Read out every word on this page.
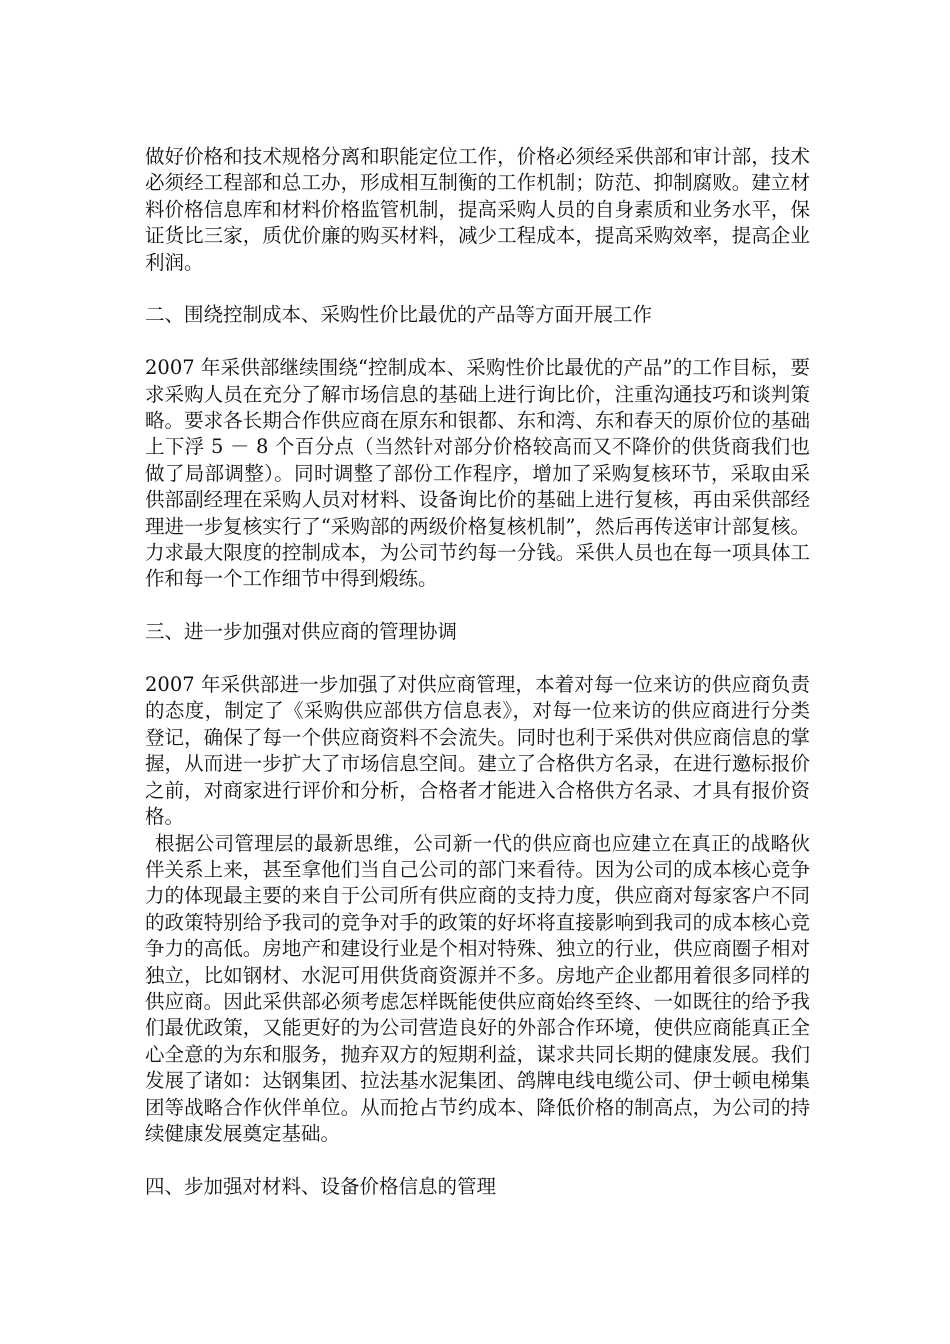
做好价格和技术规格分离和职能定位工作，价格必须经采供部和审计部，技术必须经工程部和总工办，形成相互制衡的工作机制；防范、抑制腐败。建立材料价格信息库和材料价格监管机制，提高采购人员的自身素质和业务水平，保证货比三家，质优价廉的购买材料，减少工程成本，提高采购效率，提高企业利润。

二、围绕控制成本、采购性价比最优的产品等方面开展工作

2007 年采供部继续围绕“控制成本、采购性价比最优的产品”的工作目标，要求采购人员在充分了解市场信息的基础上进行询比价，注重沟通技巧和谈判策略。要求各长期合作供应商在原东和银都、东和湾、东和春天的原价位的基础上下浮 5 － 8 个百分点（当然针对部分价格较高而又不降价的供货商我们也做了局部调整）。同时调整了部份工作程序，增加了采购复核环节，采取由采供部副经理在采购人员对材料、设备询比价的基础上进行复核，再由采供部经理进一步复核实行了“采购部的两级价格复核机制”，然后再传送审计部复核。力求最大限度的控制成本，为公司节约每一分钱。采供人员也在每一项具体工作和每一个工作细节中得到煅练。

三、进一步加强对供应商的管理协调

2007 年采供部进一步加强了对供应商管理，本着对每一位来访的供应商负责的态度，制定了《采购供应部供方信息表》，对每一位来访的供应商进行分类登记，确保了每一个供应商资料不会流失。同时也利于采供对供应商信息的掌握，从而进一步扩大了市场信息空间。建立了合格供方名录，在进行邀标报价之前，对商家进行评价和分析，合格者才能进入合格供方名录、才具有报价资格。

根据公司管理层的最新思维，公司新一代的供应商也应建立在真正的战略伙伴关系上来，甚至拿他们当自己公司的部门来看待。因为公司的成本核心竞争力的体现最主要的来自于公司所有供应商的支持力度，供应商对每家客户不同的政策特别给予我司的竞争对手的政策的好坏将直接影响到我司的成本核心竞争力的高低。房地产和建设行业是个相对特殊、独立的行业，供应商圈子相对独立，比如钢材、水泥可用供货商资源并不多。房地产企业都用着很多同样的供应商。因此采供部必须考虑怎样既能使供应商始终至终、一如既往的给予我们最优政策，又能更好的为公司营造良好的外部合作环境，使供应商能真正全心全意的为东和服务，抛弃双方的短期利益，谋求共同长期的健康发展。我们发展了诸如：达钢集团、拉法基水泥集团、鸽牌电线电缆公司、伊士顿电梯集团等战略合作伙伴单位。从而抢占节约成本、降低价格的制高点，为公司的持续健康发展奠定基础。

四、步加强对材料、设备价格信息的管理
